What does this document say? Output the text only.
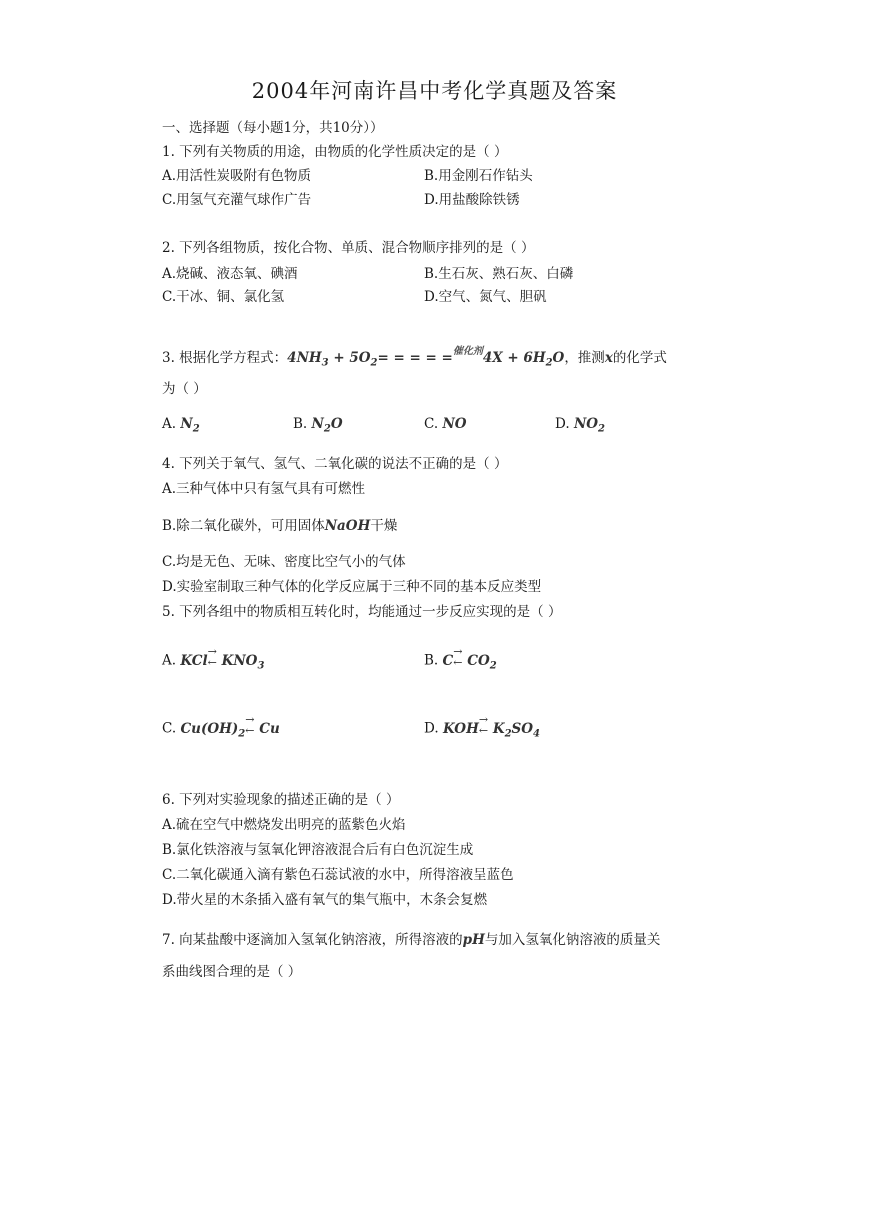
2004年河南许昌中考化学真题及答案
一、选择题（每小题1分，共10分））
1. 下列有关物质的用途，由物质的化学性质决定的是（ ）
A.用活性炭吸附有色物质	B.用金刚石作钻头
C.用氢气充灌气球作广告	D.用盐酸除铁锈
2. 下列各组物质，按化合物、单质、混合物顺序排列的是（ ）
A.烧碱、液态氧、碘酒	B.生石灰、熟石灰、白磷
C.干冰、铜、氯化氢	D.空气、氮气、胆矾
3. 根据化学方程式：$4NH_3 + 5O_2=$ = = = $=^{催化剂}4X + 6H_2O$，推测x的化学式
为（ ）
A. $N_2$	B. $N_2O$	C. NO	D. $NO_2$
4. 下列关于氧气、氢气、二氧化碳的说法不正确的是（ ）
A.三种气体中只有氢气具有可燃性
B.除二氧化碳外，可用固体NaOH干燥
C.均是无色、无味、密度比空气小的气体
D.实验室制取三种气体的化学反应属于三种不同的基本反应类型
5. 下列各组中的物质相互转化时，均能通过一步反应实现的是（ ）
A. KCl
→
← $KNO_3$	B. C
→
← $CO_2$
C. $Cu(OH)_2$
→
← Cu	D. KOH
→
← $K_2SO_4$
6. 下列对实验现象的描述正确的是（ ）
A.硫在空气中燃烧发出明亮的蓝紫色火焰
B.氯化铁溶液与氢氧化钾溶液混合后有白色沉淀生成
C.二氧化碳通入滴有紫色石蕊试液的水中，所得溶液呈蓝色
D.带火星的木条插入盛有氧气的集气瓶中，木条会复燃
7. 向某盐酸中逐滴加入氢氧化钠溶液，所得溶液的pH与加入氢氧化钠溶液的质量关
系曲线图合理的是（ ）
